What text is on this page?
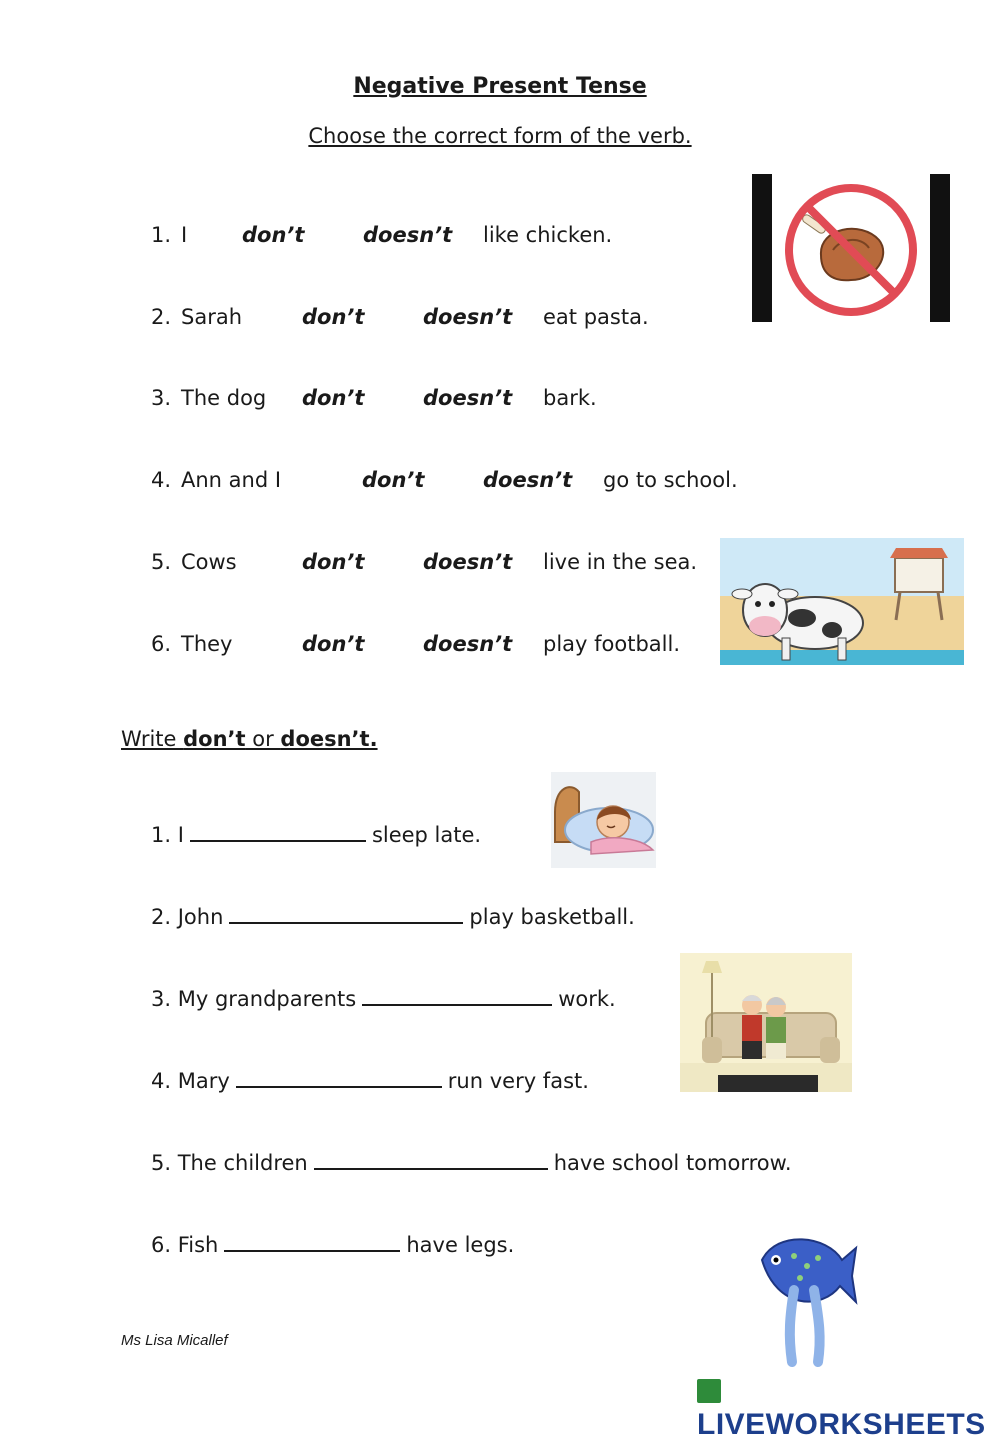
Negative Present Tense
Choose the correct form of the verb.
1. I	don’t	doesn’t like chicken.
2. Sarah	don’t	doesn’t eat pasta.
3. The dog don’t	doesn’t bark.
4. Ann and I	don’t	doesn’t go to school.
5. Cows	don’t	doesn’t live in the sea.
6. They	don’t	doesn’t play football.
Write don’t or doesn’t.
1. I	sleep late.
2. John	play basketball.
3. My grandparents	work.
4. Mary	run very fast.
5. The children	have school tomorrow.
6. Fish	have legs.
Ms Lisa Micallef
LIVEWORKSHEETS
